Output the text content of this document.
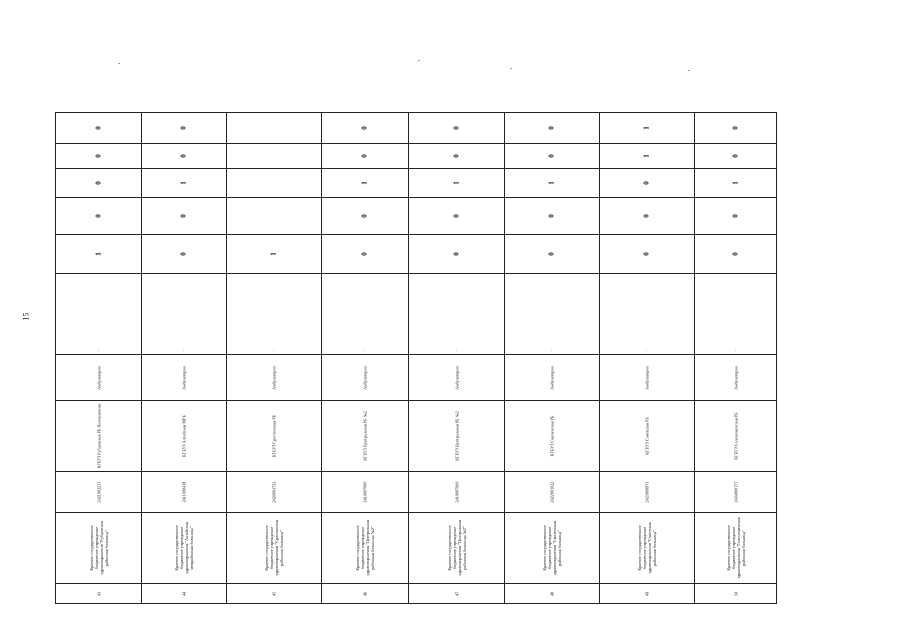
15
0	0		0	0	0	1	0

0	0		0	0	0	1	0

0	1		1	1	1	0	1

0	0		0	0	0	0	0

1	0	1	0	0	0	0	0

…	…	…	…	…	…	…	…

Амбулаторно	Амбулаторно	Амбулаторно	Амбулаторно	Амбулаторно	Амбулаторно	Амбулаторно	Амбулаторно

КГБУЗ Рубцовская РБ Поликлиника	КГБУЗ Алтайская МРБ	КГБУЗ Сростинская РБ	КГБУЗ Центральная РБ №2	КГБУЗ Центральная РБ №2	КГБУЗ Смоленская РБ	КГБУЗ Советская РБ	КГБУЗ Солонешенская РБ

2421002213	2411000418	2420001723	2410007900	2410007900	2422001022	2423000971	2434000177

Краевое государственное бюджетное учреждение здравоохранения "Рубцовская районная больница"	Краевое государственное бюджетное учреждение здравоохранения "Алтайская межрайонная больница"	Краевое государственное бюджетное учреждение здравоохранения "Сростинская районная больница"	Краевое государственное бюджетное учреждение здравоохранения "Центральная районная больница №2"	Краевое государственное бюджетное учреждение здравоохранения "Центральная районная больница №2"	Краевое государственное бюджетное учреждение здравоохранения "Смоленская районная больница"	Краевое государственное бюджетное учреждение здравоохранения "Советская районная больница"	Краевое государственное бюджетное учреждение здравоохранения "Солонешенская районная больница"

43	44	45	46	47	48	49	50
